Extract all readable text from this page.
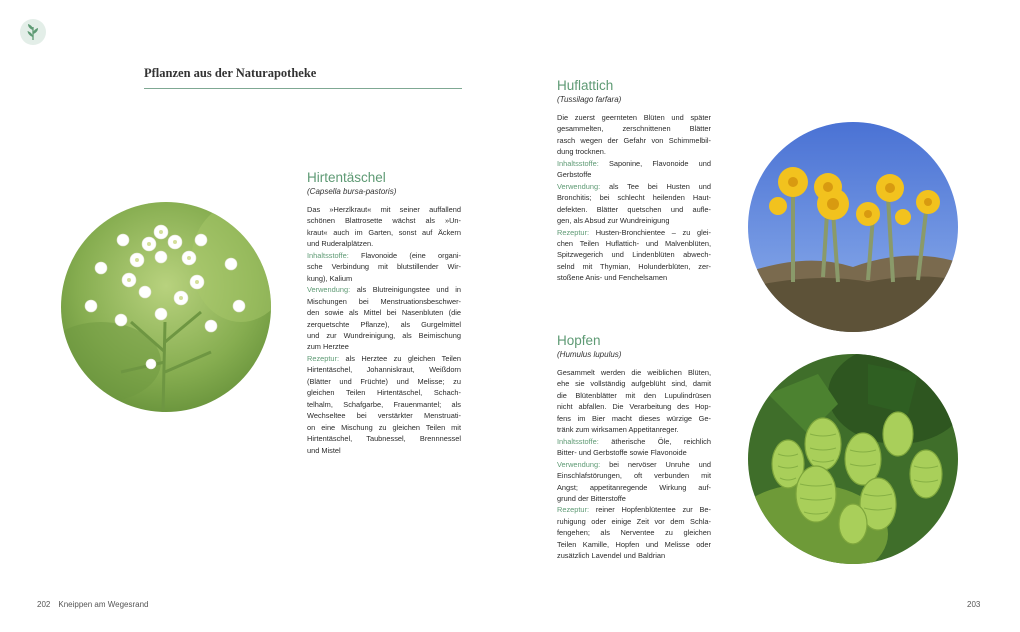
Pflanzen aus der Naturapotheke
Hirtentäschel
(Capsella bursa-pastoris)

Das »Herzlkraut« mit seiner auffallend

schönen Blattrosette wächst als »Un-

kraut« auch im Garten, sonst auf Äckern

und Ruderalplätzen.

Inhaltsstoffe: Flavonoide (eine organi-

sche Verbindung mit blutstillender Wir-

kung), Kalium

Verwendung: als Blutreinigungstee und in

Mischungen bei Menstruationsbeschwer-

den sowie als Mittel bei Nasenbluten (die

zerquetschte Pflanze), als Gurgelmittel

und zur Wundreinigung, als Beimischung

zum Herztee

Rezeptur: als Herztee zu gleichen Teilen

Hirtentäschel, Johanniskraut, Weißdorn

(Blätter und Früchte) und Melisse; zu

gleichen Teilen Hirtentäschel, Schach-

telhalm, Schafgarbe, Frauenmantel; als

Wechseltee bei verstärkter Menstruati-

on eine Mischung zu gleichen Teilen mit

Hirtentäschel, Taubnessel, Brennnessel

und Mistel

Huflattich
(Tussilago farfara)

Die zuerst geernteten Blüten und später

gesammelten, zerschnittenen Blätter

rasch wegen der Gefahr von Schimmelbil-

dung trocknen.

Inhaltsstoffe: Saponine, Flavonoide und

Gerbstoffe

Verwendung: als Tee bei Husten und

Bronchitis; bei schlecht heilenden Haut-

defekten. Blätter quetschen und aufle-

gen, als Absud zur Wundreinigung

Rezeptur: Husten-Bronchientee – zu glei-

chen Teilen Huflattich- und Malvenblüten,

Spitzwegerich und Lindenblüten abwech-

selnd mit Thymian, Holunderblüten, zer-

stoßene Anis- und Fenchelsamen

Hopfen
(Humulus lupulus)

Gesammelt werden die weiblichen Blüten,

ehe sie vollständig aufgeblüht sind, damit

die Blütenblätter mit den Lupulindrüsen

nicht abfallen. Die Verarbeitung des Hop-

fens im Bier macht dieses würzige Ge-

tränk zum wirksamen Appetitanreger.

Inhaltsstoffe: ätherische Öle, reichlich

Bitter- und Gerbstoffe sowie Flavonoide

Verwendung: bei nervöser Unruhe und

Einschlafstörungen, oft verbunden mit

Angst; appetitanregende Wirkung auf-

grund der Bitterstoffe

Rezeptur: reiner Hopfenblütentee zur Be-

ruhigung oder einige Zeit vor dem Schla-

fengehen; als Nerventee zu gleichen

Teilen Kamille, Hopfen und Melisse oder

zusätzlich Lavendel und Baldrian

202 Kneippen am Wegesrand	203
